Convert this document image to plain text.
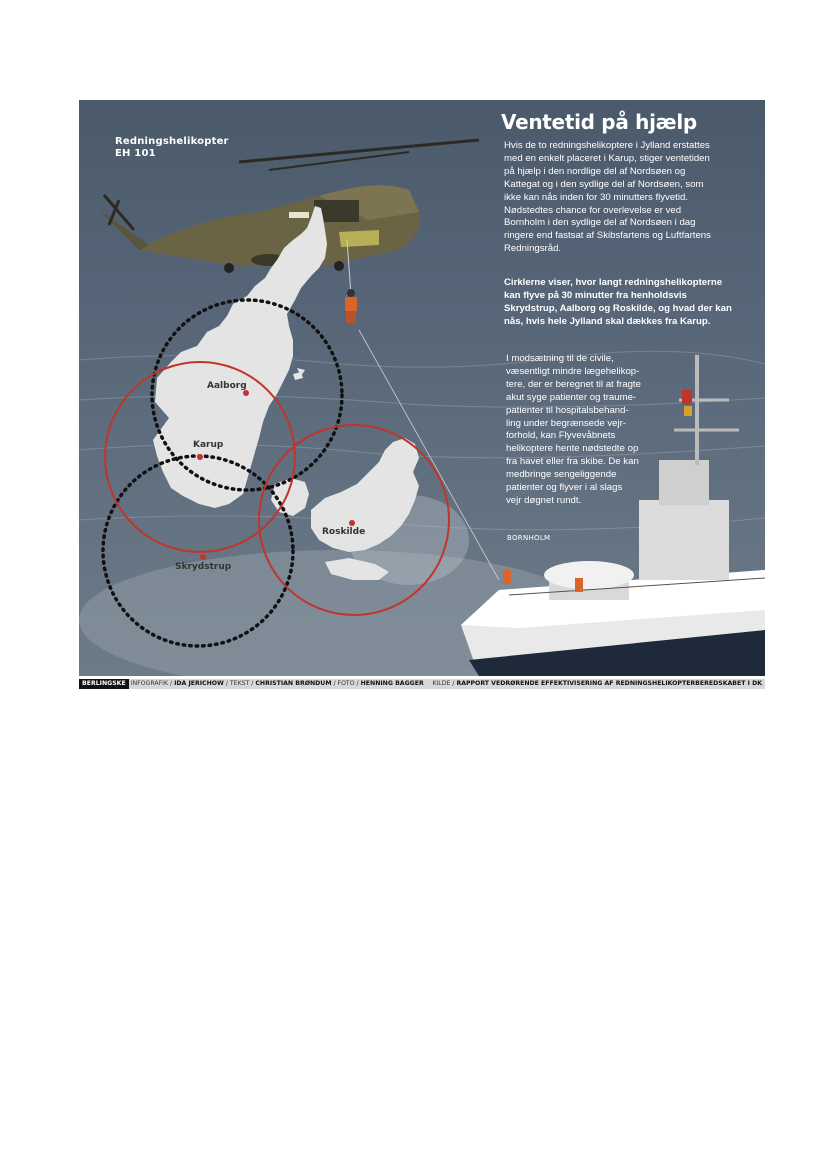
Redningshelikopter
EH 101
Ventetid på hjælp
Hvis de to redningshelikoptere i Jylland erstattes
med en enkelt placeret i Karup, stiger ventetiden
på hjælp i den nordlige del af Nordsøen og
Kattegat og i den sydlige del af Nordsøen, som
ikke kan nås inden for 30 minutters flyvetid.
Nødstedtes chance for overlevelse er ved
Bornholm i den sydlige del af Nordsøen i dag
ringere end fastsat af Skibsfartens og Luftfartens
Redningsråd.
Cirklerne viser, hvor langt redningshelikopterne
kan flyve på 30 minutter fra henholdsvis
Skrydstrup, Aalborg og Roskilde, og hvad der kan
nås, hvis hele Jylland skal dækkes fra Karup.
I modsætning til de civile,
væsentligt mindre lægehelikop-
tere, der er beregnet til at fragte
akut syge patienter og traume-
patienter til hospitalsbehand-
ling under begrænsede vejr-
forhold, kan Flyvevåbnets
helikoptere hente nødstedte op
fra havet eller fra skibe. De kan
medbringe sengeliggende
patienter og flyver i al slags
vejr døgnet rundt.
Aalborg
Karup
Roskilde
Skrydstrup
BORNHOLM
BERLINGSKE INFOGRAFIK / IDA JERICHOW / TEKST / CHRISTIAN BRØNDUM / FOTO / HENNING BAGGER KILDE / RAPPORT VEDRØRENDE EFFEKTIVISERING AF REDNINGSHELIKOPTERBEREDSKABET I DK
